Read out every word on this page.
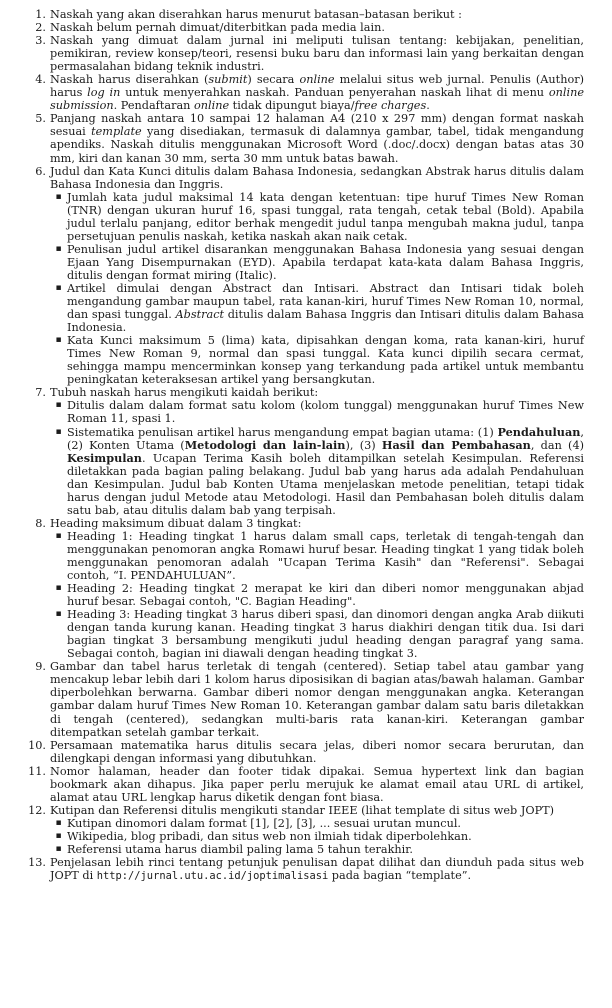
1. Naskah yang akan diserahkan harus menurut batasan–batasan berikut :
2. Naskah belum pernah dimuat/diterbitkan pada media lain.
3. Naskah yang dimuat dalam jurnal ini meliputi tulisan tentang: kebijakan, penelitian, pemikiran, review konsep/teori, resensi buku baru dan informasi lain yang berkaitan dengan permasalahan bidang teknik industri.
4. Naskah harus diserahkan (submit) secara online melalui situs web jurnal. Penulis (Author) harus log in untuk menyerahkan naskah. Panduan penyerahan naskah lihat di menu online submission. Pendaftaran online tidak dipungut biaya/free charges.
5. Panjang naskah antara 10 sampai 12 halaman A4 (210 x 297 mm) dengan format naskah sesuai template yang disediakan, termasuk di dalamnya gambar, tabel, tidak mengandung apendiks. Naskah ditulis menggunakan Microsoft Word (.doc/.docx) dengan batas atas 30 mm, kiri dan kanan 30 mm, serta 30 mm untuk batas bawah.
6. Judul dan Kata Kunci ditulis dalam Bahasa Indonesia, sedangkan Abstrak harus ditulis dalam Bahasa Indonesia dan Inggris.
▪ Jumlah kata judul maksimal 14 kata dengan ketentuan: tipe huruf Times New Roman (TNR) dengan ukuran huruf 16, spasi tunggal, rata tengah, cetak tebal (Bold). Apabila judul terlalu panjang, editor berhak mengedit judul tanpa mengubah makna judul, tanpa persetujuan penulis naskah, ketika naskah akan naik cetak.
▪ Penulisan judul artikel disarankan menggunakan Bahasa Indonesia yang sesuai dengan Ejaan Yang Disempurnakan (EYD). Apabila terdapat kata-kata dalam Bahasa Inggris, ditulis dengan format miring (Italic).
▪ Artikel dimulai dengan Abstract dan Intisari. Abstract dan Intisari tidak boleh mengandung gambar maupun tabel, rata kanan-kiri, huruf Times New Roman 10, normal, dan spasi tunggal. Abstract ditulis dalam Bahasa Inggris dan Intisari ditulis dalam Bahasa Indonesia.
▪ Kata Kunci maksimum 5 (lima) kata, dipisahkan dengan koma, rata kanan-kiri, huruf Times New Roman 9, normal dan spasi tunggal. Kata kunci dipilih secara cermat, sehingga mampu mencerminkan konsep yang terkandung pada artikel untuk membantu peningkatan keteraksesan artikel yang bersangkutan.
7. Tubuh naskah harus mengikuti kaidah berikut:
▪ Ditulis dalam dalam format satu kolom (kolom tunggal) menggunakan huruf Times New Roman 11, spasi 1.
▪ Sistematika penulisan artikel harus mengandung empat bagian utama: (1) Pendahuluan, (2) Konten Utama (Metodologi dan lain-lain), (3) Hasil dan Pembahasan, dan (4) Kesimpulan. Ucapan Terima Kasih boleh ditampilkan setelah Kesimpulan. Referensi diletakkan pada bagian paling belakang. Judul bab yang harus ada adalah Pendahuluan dan Kesimpulan. Judul bab Konten Utama menjelaskan metode penelitian, tetapi tidak harus dengan judul Metode atau Metodologi. Hasil dan Pembahasan boleh ditulis dalam satu bab, atau ditulis dalam bab yang terpisah.
8. Heading maksimum dibuat dalam 3 tingkat:
▪ Heading 1: Heading tingkat 1 harus dalam small caps, terletak di tengah-tengah dan menggunakan penomoran angka Romawi huruf besar. Heading tingkat 1 yang tidak boleh menggunakan penomoran adalah "Ucapan Terima Kasih" dan "Referensi". Sebagai contoh, “I. PENDAHULUAN”.
▪ Heading 2: Heading tingkat 2 merapat ke kiri dan diberi nomor menggunakan abjad huruf besar. Sebagai contoh, "C. Bagian Heading".
▪ Heading 3: Heading tingkat 3 harus diberi spasi, dan dinomori dengan angka Arab diikuti dengan tanda kurung kanan. Heading tingkat 3 harus diakhiri dengan titik dua. Isi dari bagian tingkat 3 bersambung mengikuti judul heading dengan paragraf yang sama. Sebagai contoh, bagian ini diawali dengan heading tingkat 3.
9. Gambar dan tabel harus terletak di tengah (centered). Setiap tabel atau gambar yang mencakup lebar lebih dari 1 kolom harus diposisikan di bagian atas/bawah halaman. Gambar diperbolehkan berwarna. Gambar diberi nomor dengan menggunakan angka. Keterangan gambar dalam huruf Times New Roman 10. Keterangan gambar dalam satu baris diletakkan di tengah (centered), sedangkan multi-baris rata kanan-kiri. Keterangan gambar ditempatkan setelah gambar terkait.
10. Persamaan matematika harus ditulis secara jelas, diberi nomor secara berurutan, dan dilengkapi dengan informasi yang dibutuhkan.
11. Nomor halaman, header dan footer tidak dipakai. Semua hypertext link dan bagian bookmark akan dihapus. Jika paper perlu merujuk ke alamat email atau URL di artikel, alamat atau URL lengkap harus diketik dengan font biasa.
12. Kutipan dan Referensi ditulis mengikuti standar IEEE (lihat template di situs web JOPT)
▪ Kutipan dinomori dalam format [1], [2], [3], ... sesuai urutan muncul.
▪ Wikipedia, blog pribadi, dan situs web non ilmiah tidak diperbolehkan.
▪ Referensi utama harus diambil paling lama 5 tahun terakhir.
13. Penjelasan lebih rinci tentang petunjuk penulisan dapat dilihat dan diunduh pada situs web JOPT di http://jurnal.utu.ac.id/joptimalisasi pada bagian “template”.
